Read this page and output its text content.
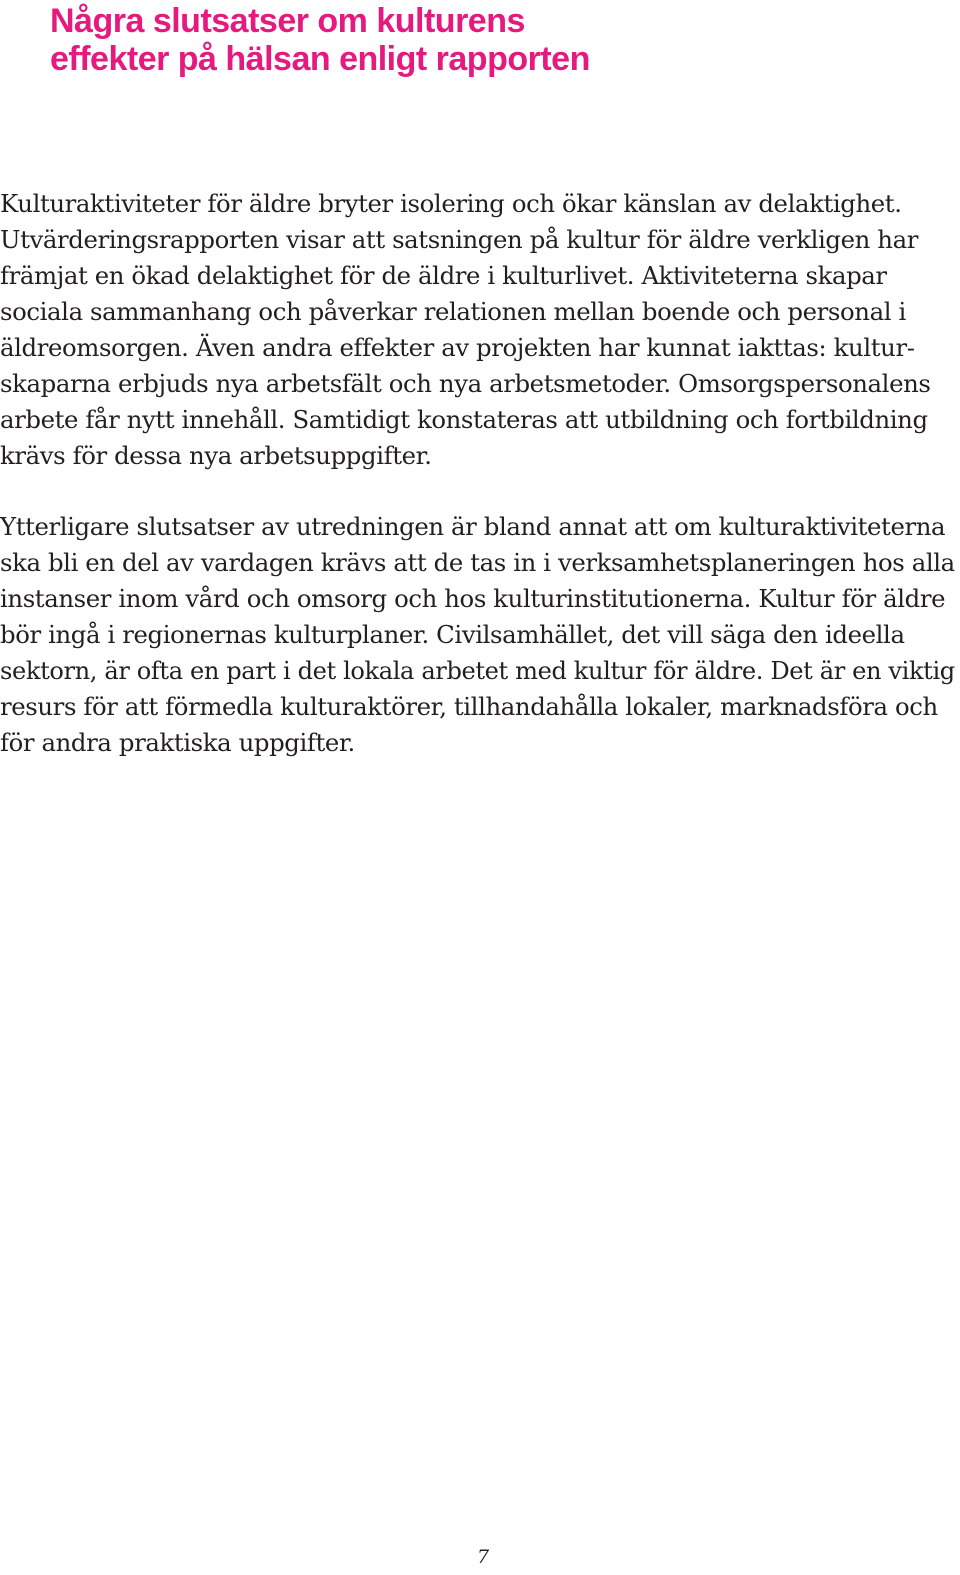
Några slutsatser om kulturens
effekter på hälsan enligt rapporten

Kulturaktiviteter för äldre bryter isolering och ökar känslan av delaktighet.
Utvärderingsrapporten visar att satsningen på kultur för äldre verkligen har
främjat en ökad delaktighet för de äldre i kulturlivet. Aktiviteterna skapar
sociala sammanhang och påverkar relationen mellan boende och personal i
äldreomsorgen. Även andra effekter av projekten har kunnat iakttas: kultur-
skaparna erbjuds nya arbetsfält och nya arbetsmetoder. Omsorgspersonalens
arbete får nytt innehåll. Samtidigt konstateras att utbildning och fortbildning
krävs för dessa nya arbetsuppgifter.

Ytterligare slutsatser av utredningen är bland annat att om kulturaktiviteterna
ska bli en del av vardagen krävs att de tas in i verksamhetsplaneringen hos alla
instanser inom vård och omsorg och hos kulturinstitutionerna. Kultur för äldre
bör ingå i regionernas kulturplaner. Civilsamhället, det vill säga den ideella
sektorn, är ofta en part i det lokala arbetet med kultur för äldre. Det är en viktig
resurs för att förmedla kulturaktörer, tillhandahålla lokaler, marknadsföra och
för andra praktiska uppgifter.

7
